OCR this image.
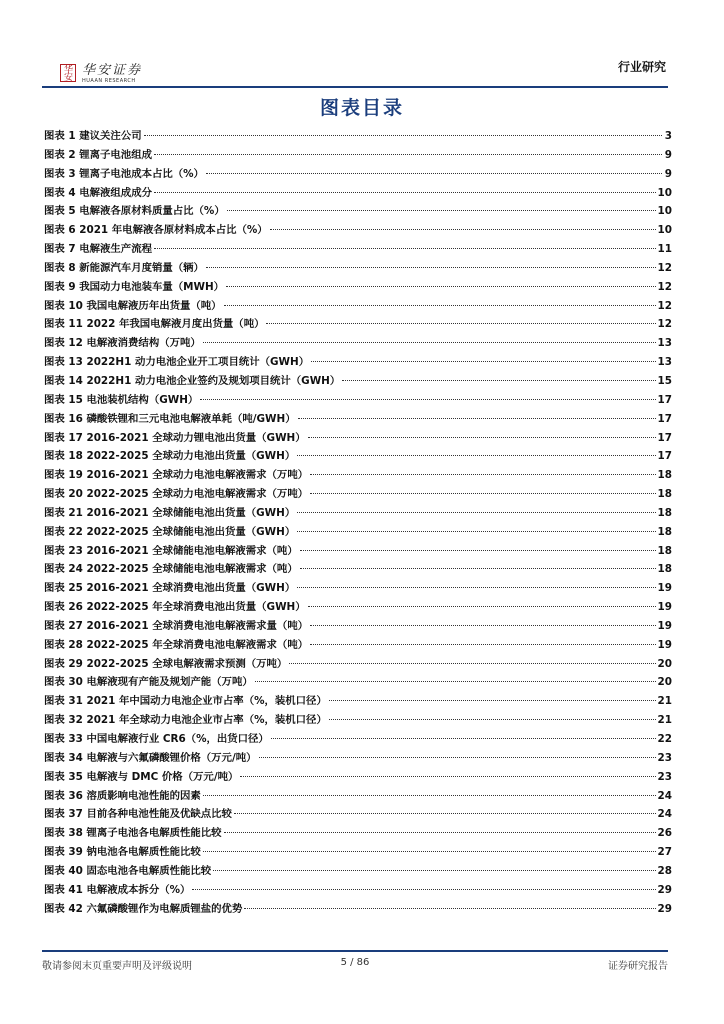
华安 华安证券
HUAAN RESEARCH
行业研究
图表目录
图表 1 建议关注公司	3
图表 2 锂离子电池组成	9
图表 3 锂离子电池成本占比（%）	9
图表 4 电解液组成成分	10
图表 5 电解液各原材料质量占比（%）	10
图表 6 2021 年电解液各原材料成本占比（%）	10
图表 7 电解液生产流程	11
图表 8 新能源汽车月度销量（辆）	12
图表 9 我国动力电池装车量（MWH）	12
图表 10 我国电解液历年出货量（吨）	12
图表 11 2022 年我国电解液月度出货量（吨）	12
图表 12 电解液消费结构（万吨）	13
图表 13 2022H1 动力电池企业开工项目统计（GWH）	13
图表 14 2022H1 动力电池企业签约及规划项目统计（GWH）	15
图表 15 电池装机结构（GWH）	17
图表 16 磷酸铁锂和三元电池电解液单耗（吨/GWH）	17
图表 17 2016-2021 全球动力锂电池出货量（GWH）	17
图表 18 2022-2025 全球动力电池出货量（GWH）	17
图表 19 2016-2021 全球动力电池电解液需求（万吨）	18
图表 20 2022-2025 全球动力电池电解液需求（万吨）	18
图表 21 2016-2021 全球储能电池出货量（GWH）	18
图表 22 2022-2025 全球储能电池出货量（GWH）	18
图表 23 2016-2021 全球储能电池电解液需求（吨）	18
图表 24 2022-2025 全球储能电池电解液需求（吨）	18
图表 25 2016-2021 全球消费电池出货量（GWH）	19
图表 26 2022-2025 年全球消费电池出货量（GWH）	19
图表 27 2016-2021 全球消费电池电解液需求量（吨）	19
图表 28 2022-2025 年全球消费电池电解液需求（吨）	19
图表 29 2022-2025 全球电解液需求预测（万吨）	20
图表 30 电解液现有产能及规划产能（万吨）	20
图表 31 2021 年中国动力电池企业市占率（%，装机口径）	21
图表 32 2021 年全球动力电池企业市占率（%，装机口径）	21
图表 33 中国电解液行业 CR6（%，出货口径）	22
图表 34 电解液与六氟磷酸锂价格（万元/吨）	23
图表 35 电解液与 DMC 价格（万元/吨）	23
图表 36 溶质影响电池性能的因素	24
图表 37 目前各种电池性能及优缺点比较	24
图表 38 锂离子电池各电解质性能比较	26
图表 39 钠电池各电解质性能比较	27
图表 40 固态电池各电解质性能比较	28
图表 41 电解液成本拆分（%）	29
图表 42 六氟磷酸锂作为电解质锂盐的优势	29
敬请参阅末页重要声明及评级说明	5 / 86	证券研究报告
